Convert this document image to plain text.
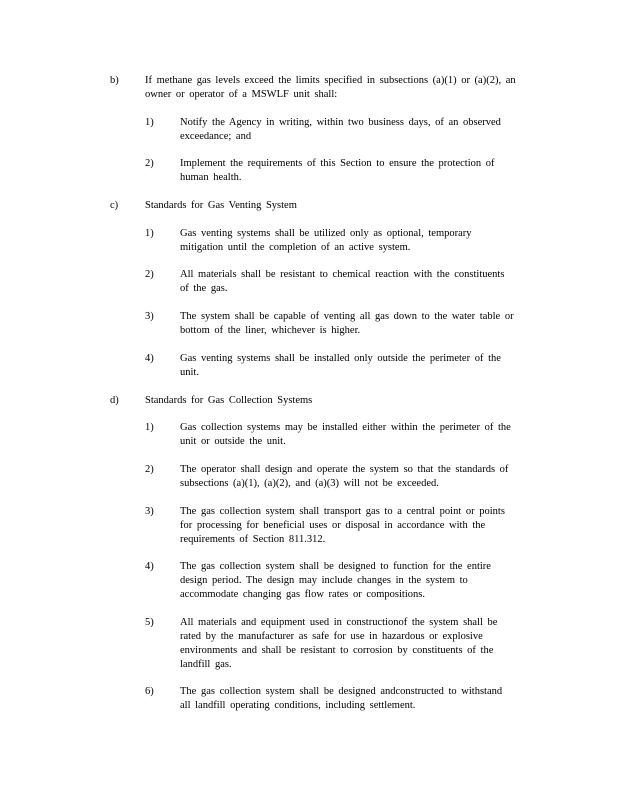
b)	If methane gas levels exceed the limits specified in subsections (a)(1) or (a)(2), an
owner or operator of a MSWLF unit shall:
1)	Notify the Agency in writing, within two business days, of an observed
exceedance; and
2)	Implement the requirements of this Section to ensure the protection of
human health.
c)	Standards for Gas Venting System
1)	Gas venting systems shall be utilized only as optional, temporary
mitigation until the completion of an active system.
2)	All materials shall be resistant to chemical reaction with the constituents
of the gas.
3)	The system shall be capable of venting all gas down to the water table or
bottom of the liner, whichever is higher.
4)	Gas venting systems shall be installed only outside the perimeter of the
unit.
d)	Standards for Gas Collection Systems
1)	Gas collection systems may be installed either within the perimeter of the
unit or outside the unit.
2)	The operator shall design and operate the system so that the standards of
subsections (a)(1), (a)(2), and (a)(3) will not be exceeded.
3)	The gas collection system shall transport gas to a central point or points
for processing for beneficial uses or disposal in accordance with the
requirements of Section 811.312.
4)	The gas collection system shall be designed to function for the entire
design period. The design may include changes in the system to
accommodate changing gas flow rates or compositions.
5)	All materials and equipment used in constructionof the system shall be
rated by the manufacturer as safe for use in hazardous or explosive
environments and shall be resistant to corrosion by constituents of the
landfill gas.
6)	The gas collection system shall be designed andconstructed to withstand
all landfill operating conditions, including settlement.
